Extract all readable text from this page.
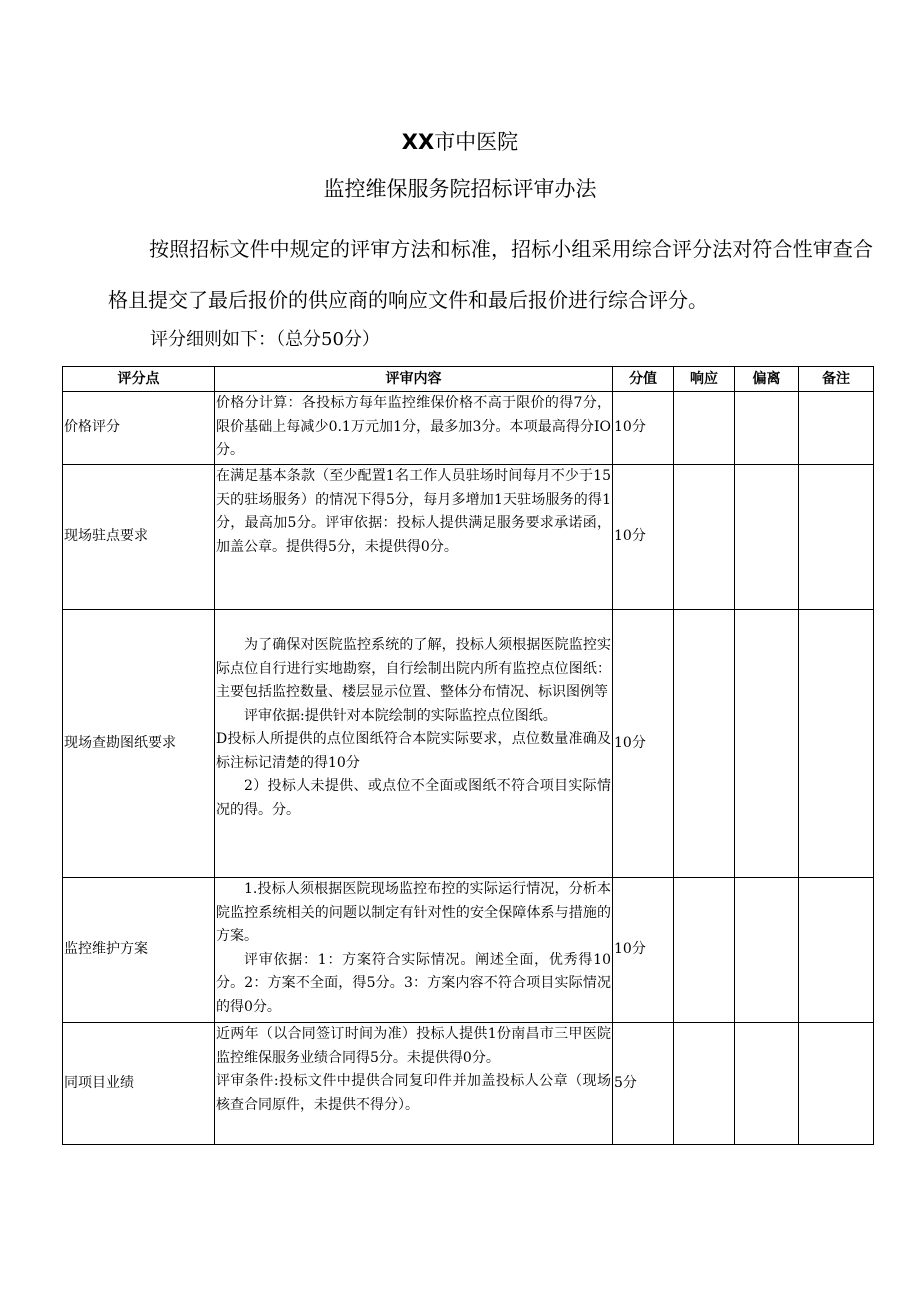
XX市中医院
监控维保服务院招标评审办法

按照招标文件中规定的评审方法和标准，招标小组采用综合评分法对符合性审查合格且提交了最后报价的供应商的响应文件和最后报价进行综合评分。

评分细则如下：（总分50分）
评分点	评审内容	分值	响应	偏离	备注
价格评分	价格分计算：各投标方每年监控维保价格不高于限价的得7分，限价基础上每减少0.1万元加1分，最多加3分。本项最高得分IO分。	10分			
现场驻点要求	在满足基本条款（至少配置1名工作人员驻场时间每月不少于15天的驻场服务）的情况下得5分，每月多增加1天驻场服务的得1分，最高加5分。评审依据：投标人提供满足服务要求承诺函，加盖公章。提供得5分，未提供得0分。	10分			
现场查勘图纸要求	为了确保对医院监控系统的了解，投标人须根据医院监控实际点位自行进行实地勘察，自行绘制出院内所有监控点位图纸：主要包括监控数量、楼层显示位置、整体分布情况、标识图例等

评审依据:提供针对本院绘制的实际监控点位图纸。

D投标人所提供的点位图纸符合本院实际要求，点位数量准确及标注标记清楚的得10分

2）投标人未提供、或点位不全面或图纸不符合项目实际情况的得。分。	10分			
监控维护方案	1.投标人须根据医院现场监控布控的实际运行情况，分析本院监控系统相关的问题以制定有针对性的安全保障体系与措施的方案。

评审依据：1：方案符合实际情况。阐述全面，优秀得10分。2：方案不全面，得5分。3：方案内容不符合项目实际情况的得0分。	10分			
同项目业绩	近两年（以合同签订时间为准）投标人提供1份南昌市三甲医院监控维保服务业绩合同得5分。未提供得0分。

评审条件:投标文件中提供合同复印件并加盖投标人公章（现场核查合同原件，未提供不得分）。	5分			
